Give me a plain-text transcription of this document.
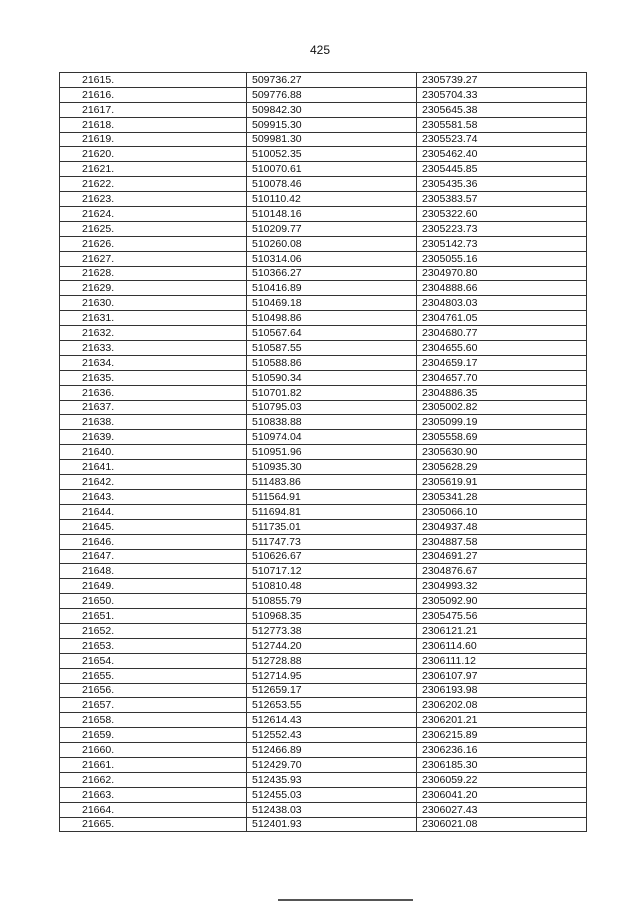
425
21615.	509736.27	2305739.27
21616.	509776.88	2305704.33
21617.	509842.30	2305645.38
21618.	509915.30	2305581.58
21619.	509981.30	2305523.74
21620.	510052.35	2305462.40
21621.	510070.61	2305445.85
21622.	510078.46	2305435.36
21623.	510110.42	2305383.57
21624.	510148.16	2305322.60
21625.	510209.77	2305223.73
21626.	510260.08	2305142.73
21627.	510314.06	2305055.16
21628.	510366.27	2304970.80
21629.	510416.89	2304888.66
21630.	510469.18	2304803.03
21631.	510498.86	2304761.05
21632.	510567.64	2304680.77
21633.	510587.55	2304655.60
21634.	510588.86	2304659.17
21635.	510590.34	2304657.70
21636.	510701.82	2304886.35
21637.	510795.03	2305002.82
21638.	510838.88	2305099.19
21639.	510974.04	2305558.69
21640.	510951.96	2305630.90
21641.	510935.30	2305628.29
21642.	511483.86	2305619.91
21643.	511564.91	2305341.28
21644.	511694.81	2305066.10
21645.	511735.01	2304937.48
21646.	511747.73	2304887.58
21647.	510626.67	2304691.27
21648.	510717.12	2304876.67
21649.	510810.48	2304993.32
21650.	510855.79	2305092.90
21651.	510968.35	2305475.56
21652.	512773.38	2306121.21
21653.	512744.20	2306114.60
21654.	512728.88	2306111.12
21655.	512714.95	2306107.97
21656.	512659.17	2306193.98
21657.	512653.55	2306202.08
21658.	512614.43	2306201.21
21659.	512552.43	2306215.89
21660.	512466.89	2306236.16
21661.	512429.70	2306185.30
21662.	512435.93	2306059.22
21663.	512455.03	2306041.20
21664.	512438.03	2306027.43
21665.	512401.93	2306021.08
